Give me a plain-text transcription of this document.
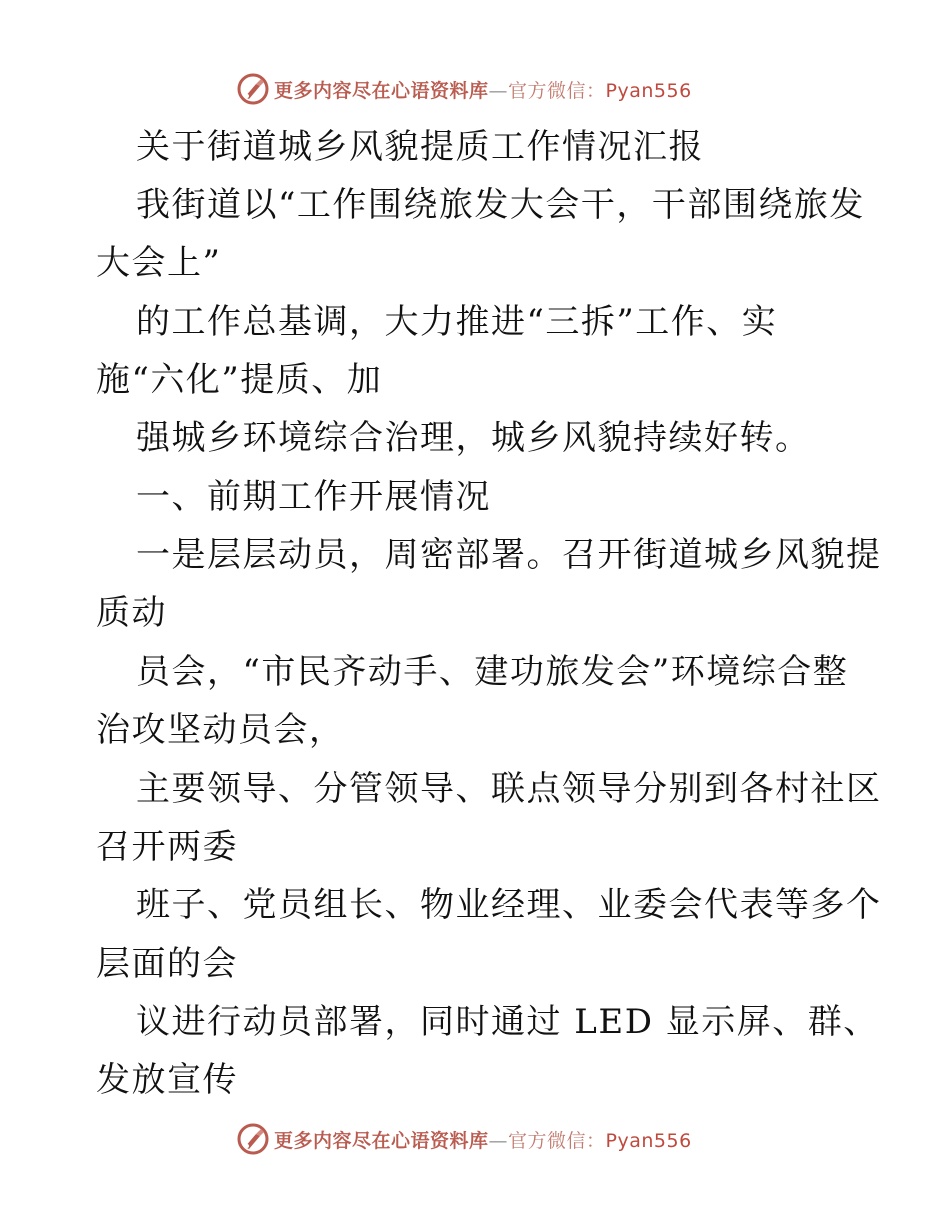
更多内容尽在心语资料库—官方微信：Pyan556
关于街道城乡风貌提质工作情况汇报
我街道以“工作围绕旅发大会干，干部围绕旅发
大会上”
的工作总基调，大力推进“三拆”工作、实
施“六化”提质、加
强城乡环境综合治理，城乡风貌持续好转。
一、前期工作开展情况
一是层层动员，周密部署。召开街道城乡风貌提
质动
员会，“市民齐动手、建功旅发会”环境综合整
治攻坚动员会，
主要领导、分管领导、联点领导分别到各村社区
召开两委
班子、党员组长、物业经理、业委会代表等多个
层面的会
议进行动员部署，同时通过 LED 显示屏、群、
发放宣传
更多内容尽在心语资料库—官方微信：Pyan556
